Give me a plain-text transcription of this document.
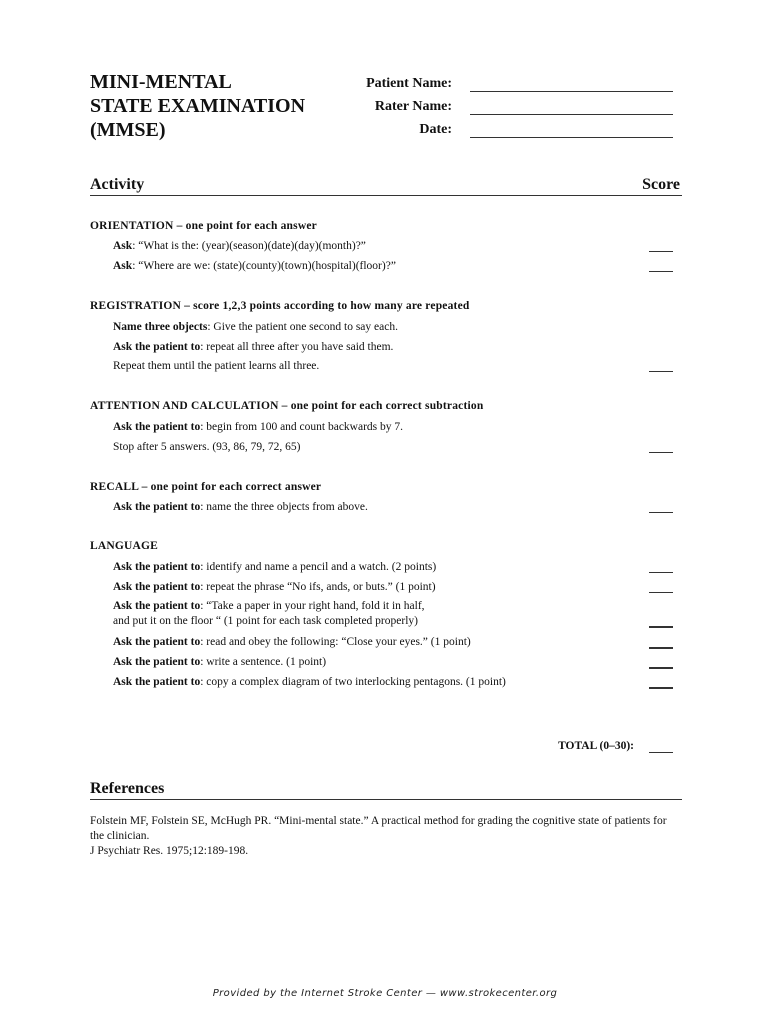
MINI-MENTAL
STATE EXAMINATION
(MMSE)
Patient Name:
Rater Name:
Date:
Activity	Score
ORIENTATION – one point for each answer
Ask: “What is the: (year)(season)(date)(day)(month)?”
Ask: “Where are we: (state)(county)(town)(hospital)(floor)?”
REGISTRATION – score 1,2,3 points according to how many are repeated
Name three objects: Give the patient one second to say each.
Ask the patient to: repeat all three after you have said them.
Repeat them until the patient learns all three.
ATTENTION AND CALCULATION – one point for each correct subtraction
Ask the patient to: begin from 100 and count backwards by 7.
Stop after 5 answers. (93, 86, 79, 72, 65)
RECALL – one point for each correct answer
Ask the patient to: name the three objects from above.
LANGUAGE
Ask the patient to: identify and name a pencil and a watch. (2 points)
Ask the patient to: repeat the phrase “No ifs, ands, or buts.” (1 point)
Ask the patient to: “Take a paper in your right hand, fold it in half,
and put it on the floor “ (1 point for each task completed properly)
Ask the patient to: read and obey the following: “Close your eyes.” (1 point)
Ask the patient to: write a sentence. (1 point)
Ask the patient to: copy a complex diagram of two interlocking pentagons. (1 point)
TOTAL (0–30):
References
Folstein MF, Folstein SE, McHugh PR. “Mini-mental state.” A practical method for grading the cognitive state of patients for the clinician.
J Psychiatr Res. 1975;12:189-198.
Provided by the Internet Stroke Center — www.strokecenter.org
